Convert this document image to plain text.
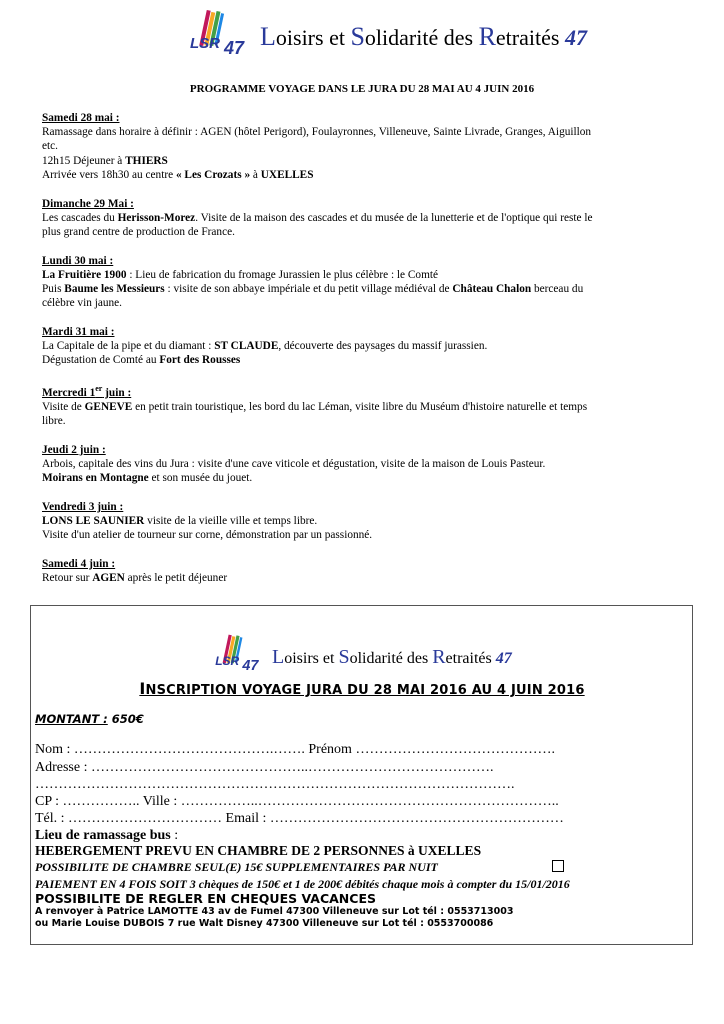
LSR 47 Loisirs et Solidarité des Retraités 47
PROGRAMME VOYAGE DANS LE JURA DU 28 MAI AU 4 JUIN 2016
Samedi 28 mai :
Ramassage dans horaire à définir : AGEN (hôtel Perigord), Foulayronnes, Villeneuve, Sainte Livrade, Granges, Aiguillon
etc.
12h15 Déjeuner à THIERS
Arrivée vers 18h30 au centre « Les Crozats » à UXELLES
Dimanche 29 Mai :
Les cascades du Herisson-Morez. Visite de la maison des cascades et du musée de la lunetterie et de l'optique qui reste le
plus grand centre de production de France.
Lundi 30 mai :
La Fruitière 1900 : Lieu de fabrication du fromage Jurassien le plus célèbre : le Comté
Puis Baume les Messieurs : visite de son abbaye impériale et du petit village médiéval de Château Chalon berceau du
célèbre vin jaune.
Mardi 31 mai :
La Capitale de la pipe et du diamant : ST CLAUDE, découverte des paysages du massif jurassien.
Dégustation de Comté au Fort des Rousses
Mercredi 1er juin :
Visite de GENEVE en petit train touristique, les bord du lac Léman, visite libre du Muséum d'histoire naturelle et temps
libre.
Jeudi 2 juin :
Arbois, capitale des vins du Jura : visite d'une cave viticole et dégustation, visite de la maison de Louis Pasteur.
Moirans en Montagne et son musée du jouet.
Vendredi 3 juin :
LONS LE SAUNIER visite de la vieille ville et temps libre.
Visite d'un atelier de tourneur sur corne, démonstration par un passionné.
Samedi 4 juin :
Retour sur AGEN après le petit déjeuner
LSR 47 Loisirs et Solidarité des Retraités 47
INSCRIPTION VOYAGE JURA DU 28 MAI 2016 AU 4 JUIN 2016
MONTANT : 650€
Nom : …………………………………….……. Prénom …………………………………….
Adresse : ………………………………………..………………………………….
………………………………………………………………………………………….
CP : …………….. Ville : ……………..………………………………………………………..
Tél. : …………………………… Email : ………………………………………………………
Lieu de ramassage bus :
HEBERGEMENT PREVU EN CHAMBRE DE 2 PERSONNES à UXELLES
POSSIBILITE DE CHAMBRE SEUL(E) 15€ SUPPLEMENTAIRES PAR NUIT
PAIEMENT EN 4 FOIS SOIT 3 chèques de 150€ et 1 de 200€ débités chaque mois à compter du 15/01/2016
POSSIBILITE DE REGLER EN CHEQUES VACANCES
A renvoyer à Patrice LAMOTTE 43 av de Fumel 47300 Villeneuve sur Lot tél : 0553713003
ou Marie Louise DUBOIS 7 rue Walt Disney 47300 Villeneuve sur Lot tél : 0553700086
